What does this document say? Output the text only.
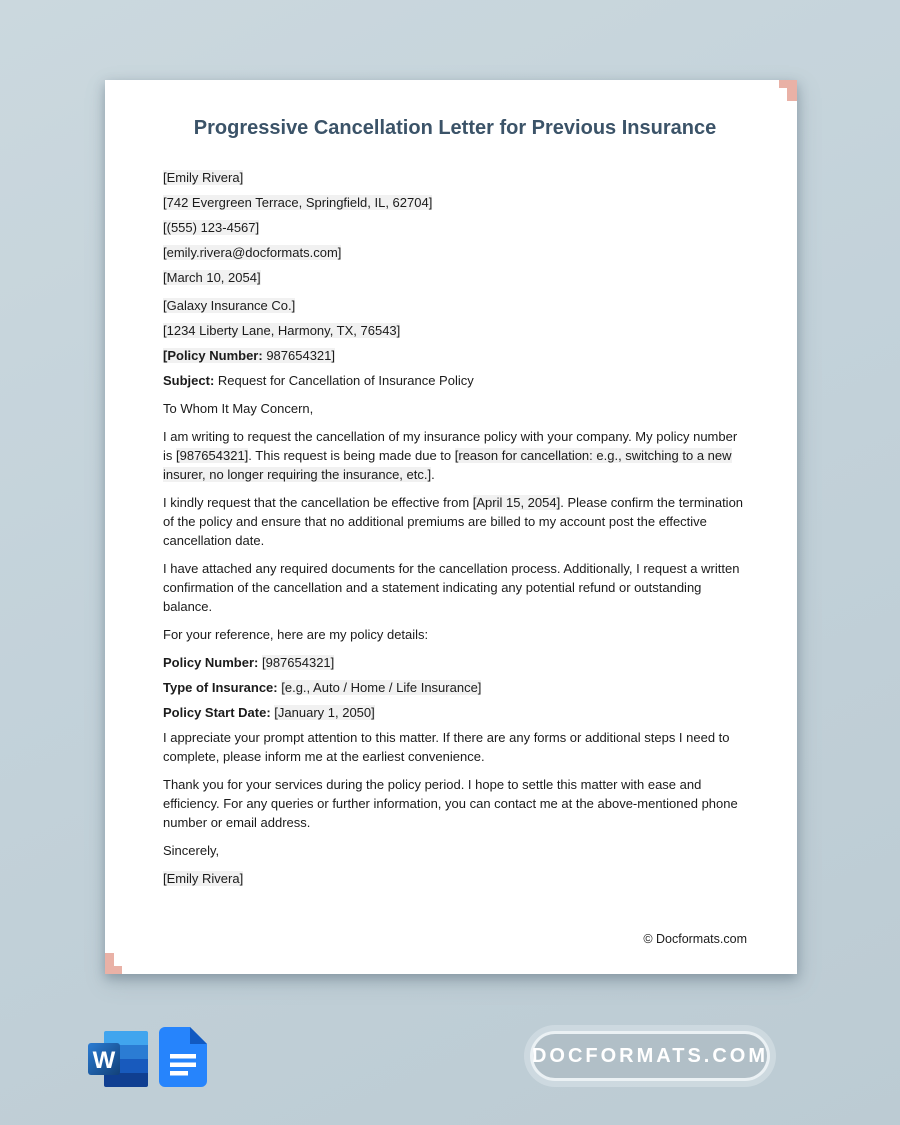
Progressive Cancellation Letter for Previous Insurance

[Emily Rivera]

[742 Evergreen Terrace, Springfield, IL, 62704]

[(555) 123-4567]

[emily.rivera@docformats.com]

[March 10, 2054]

[Galaxy Insurance Co.]

[1234 Liberty Lane, Harmony, TX, 76543]

[Policy Number: 987654321]

Subject: Request for Cancellation of Insurance Policy

To Whom It May Concern,

I am writing to request the cancellation of my insurance policy with your company. My policy number is [987654321]. This request is being made due to [reason for cancellation: e.g., switching to a new insurer, no longer requiring the insurance, etc.].

I kindly request that the cancellation be effective from [April 15, 2054]. Please confirm the termination of the policy and ensure that no additional premiums are billed to my account post the effective cancellation date.

I have attached any required documents for the cancellation process. Additionally, I request a written confirmation of the cancellation and a statement indicating any potential refund or outstanding balance.

For your reference, here are my policy details:

Policy Number: [987654321]

Type of Insurance: [e.g., Auto / Home / Life Insurance]

Policy Start Date: [January 1, 2050]

I appreciate your prompt attention to this matter. If there are any forms or additional steps I need to complete, please inform me at the earliest convenience.

Thank you for your services during the policy period. I hope to settle this matter with ease and efficiency. For any queries or further information, you can contact me at the above-mentioned phone number or email address.

Sincerely,

[Emily Rivera]

© Docformats.com

W	DOCFORMATS.COM
